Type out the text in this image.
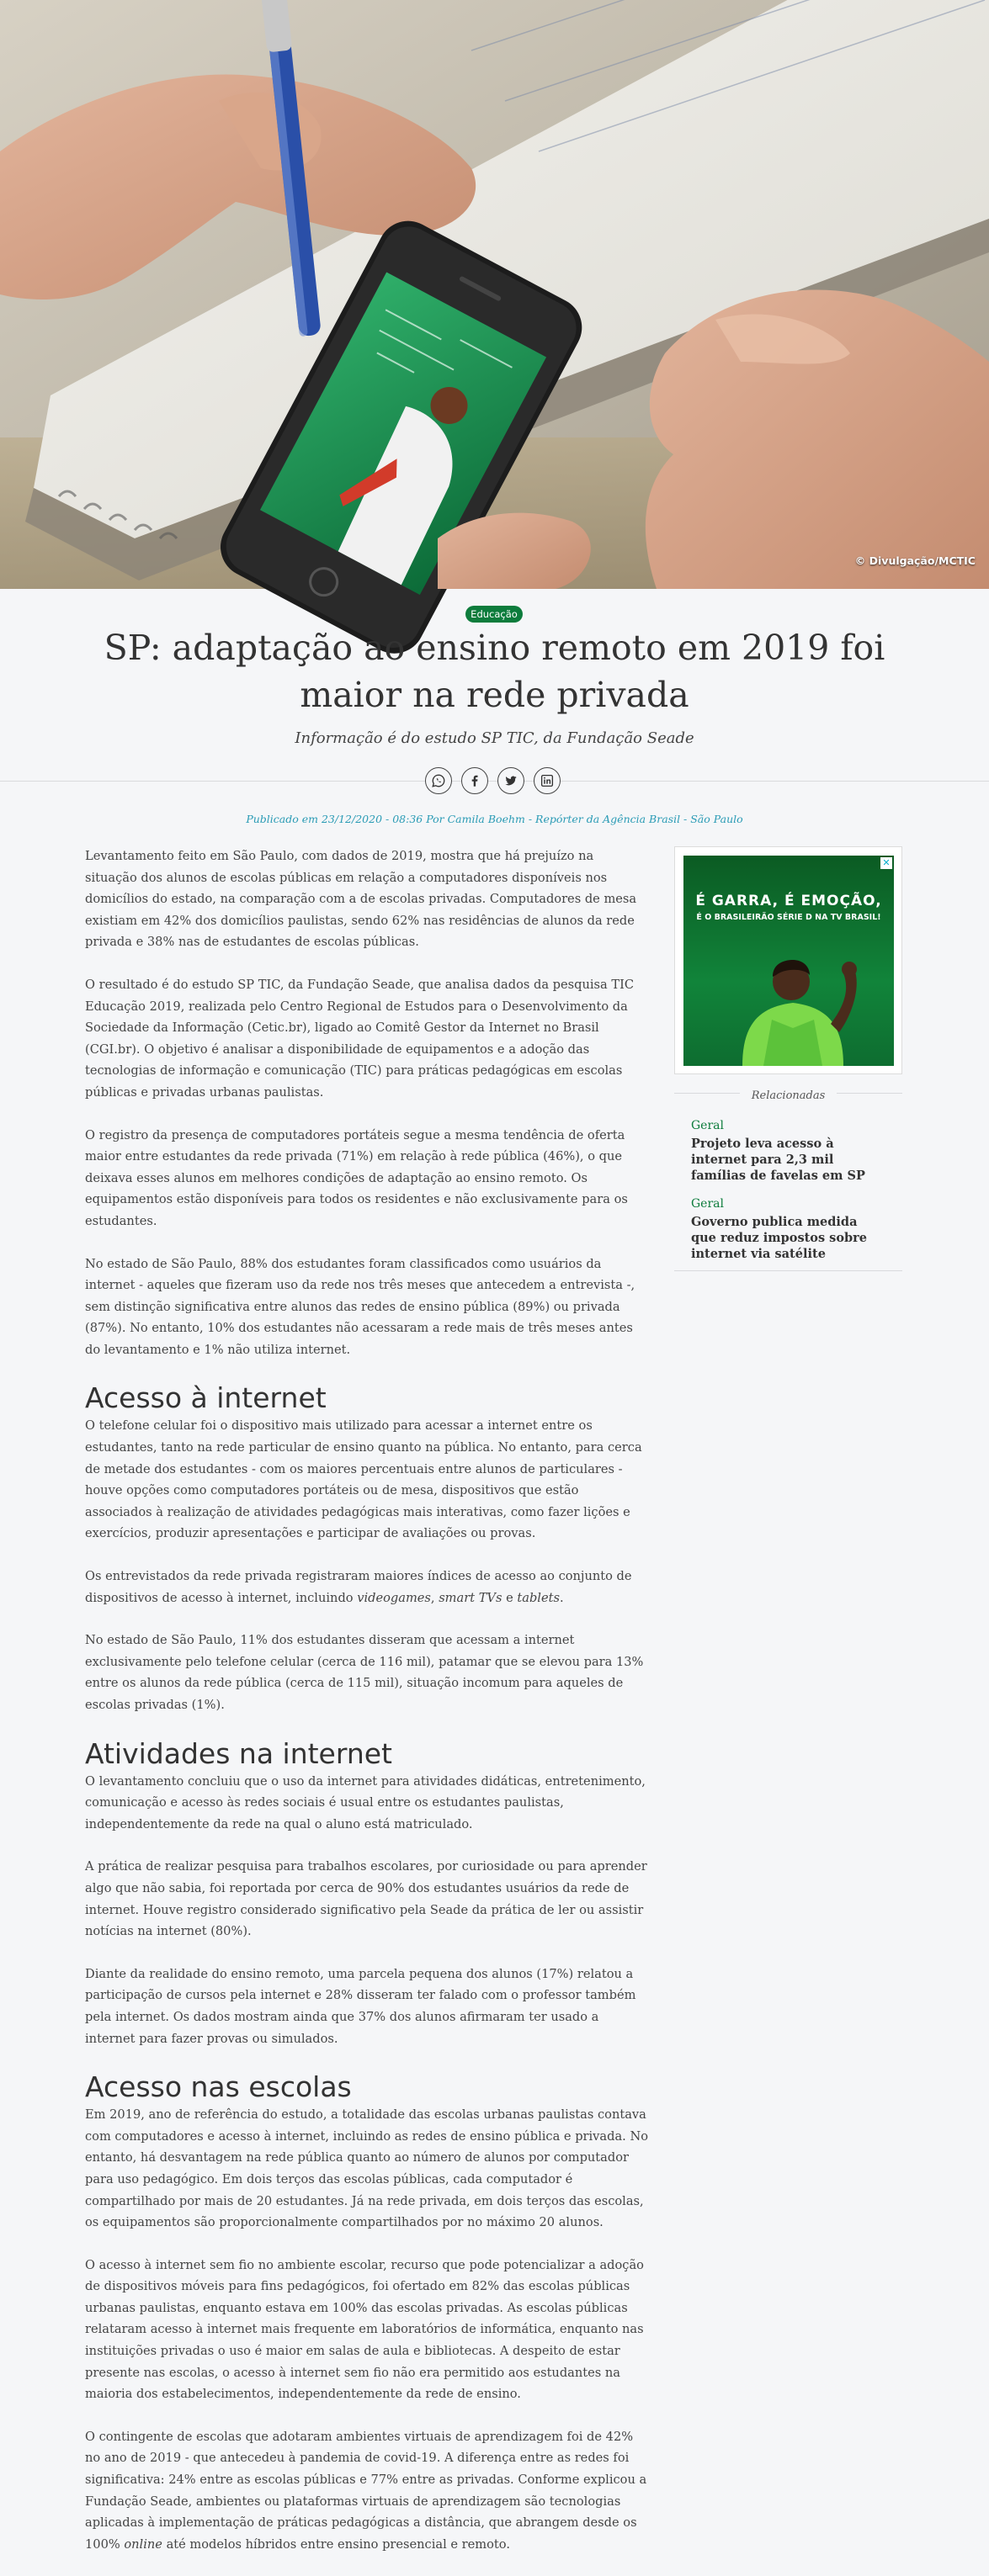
© Divulgação/MCTIC
Educação
SP: adaptação ao ensino remoto em 2019 foi maior na rede privada
Informação é do estudo SP TIC, da Fundação Seade
Publicado em 23/12/2020 - 08:36 Por Camila Boehm - Repórter da Agência Brasil - São Paulo

Levantamento feito em São Paulo, com dados de 2019, mostra que há prejuízo na situação dos alunos de escolas públicas em relação a computadores disponíveis nos domicílios do estado, na comparação com a de escolas privadas. Computadores de mesa existiam em 42% dos domicílios paulistas, sendo 62% nas residências de alunos da rede privada e 38% nas de estudantes de escolas públicas.

O resultado é do estudo SP TIC, da Fundação Seade, que analisa dados da pesquisa TIC Educação 2019, realizada pelo Centro Regional de Estudos para o Desenvolvimento da Sociedade da Informação (Cetic.br), ligado ao Comitê Gestor da Internet no Brasil (CGI.br). O objetivo é analisar a disponibilidade de equipamentos e a adoção das tecnologias de informação e comunicação (TIC) para práticas pedagógicas em escolas públicas e privadas urbanas paulistas.

O registro da presença de computadores portáteis segue a mesma tendência de oferta maior entre estudantes da rede privada (71%) em relação à rede pública (46%), o que deixava esses alunos em melhores condições de adaptação ao ensino remoto. Os equipamentos estão disponíveis para todos os residentes e não exclusivamente para os estudantes.

No estado de São Paulo, 88% dos estudantes foram classificados como usuários da internet - aqueles que fizeram uso da rede nos três meses que antecedem a entrevista -, sem distinção significativa entre alunos das redes de ensino pública (89%) ou privada (87%). No entanto, 10% dos estudantes não acessaram a rede mais de três meses antes do levantamento e 1% não utiliza internet.

Acesso à internet

O telefone celular foi o dispositivo mais utilizado para acessar a internet entre os estudantes, tanto na rede particular de ensino quanto na pública. No entanto, para cerca de metade dos estudantes - com os maiores percentuais entre alunos de particulares - houve opções como computadores portáteis ou de mesa, dispositivos que estão associados à realização de atividades pedagógicas mais interativas, como fazer lições e exercícios, produzir apresentações e participar de avaliações ou provas.

Os entrevistados da rede privada registraram maiores índices de acesso ao conjunto de dispositivos de acesso à internet, incluindo videogames, smart TVs e tablets.

No estado de São Paulo, 11% dos estudantes disseram que acessam a internet exclusivamente pelo telefone celular (cerca de 116 mil), patamar que se elevou para 13% entre os alunos da rede pública (cerca de 115 mil), situação incomum para aqueles de escolas privadas (1%).

Atividades na internet

O levantamento concluiu que o uso da internet para atividades didáticas, entretenimento, comunicação e acesso às redes sociais é usual entre os estudantes paulistas, independentemente da rede na qual o aluno está matriculado.

A prática de realizar pesquisa para trabalhos escolares, por curiosidade ou para aprender algo que não sabia, foi reportada por cerca de 90% dos estudantes usuários da rede de internet. Houve registro considerado significativo pela Seade da prática de ler ou assistir notícias na internet (80%).

Diante da realidade do ensino remoto, uma parcela pequena dos alunos (17%) relatou a participação de cursos pela internet e 28% disseram ter falado com o professor também pela internet. Os dados mostram ainda que 37% dos alunos afirmaram ter usado a internet para fazer provas ou simulados.

Acesso nas escolas

Em 2019, ano de referência do estudo, a totalidade das escolas urbanas paulistas contava com computadores e acesso à internet, incluindo as redes de ensino pública e privada. No entanto, há desvantagem na rede pública quanto ao número de alunos por computador para uso pedagógico. Em dois terços das escolas públicas, cada computador é compartilhado por mais de 20 estudantes. Já na rede privada, em dois terços das escolas, os equipamentos são proporcionalmente compartilhados por no máximo 20 alunos.

O acesso à internet sem fio no ambiente escolar, recurso que pode potencializar a adoção de dispositivos móveis para fins pedagógicos, foi ofertado em 82% das escolas públicas urbanas paulistas, enquanto estava em 100% das escolas privadas. As escolas públicas relataram acesso à internet mais frequente em laboratórios de informática, enquanto nas instituições privadas o uso é maior em salas de aula e bibliotecas. A despeito de estar presente nas escolas, o acesso à internet sem fio não era permitido aos estudantes na maioria dos estabelecimentos, independentemente da rede de ensino.

O contingente de escolas que adotaram ambientes virtuais de aprendizagem foi de 42% no ano de 2019 - que antecedeu à pandemia de covid-19. A diferença entre as redes foi significativa: 24% entre as escolas públicas e 77% entre as privadas. Conforme explicou a Fundação Seade, ambientes ou plataformas virtuais de aprendizagem são tecnologias aplicadas à implementação de práticas pedagógicas a distância, que abrangem desde os 100% online até modelos híbridos entre ensino presencial e remoto.

✕
É GARRA, É EMOÇÃO,
É O BRASILEIRÃO SÉRIE D NA TV BRASIL!
Relacionadas
Geral
Projeto leva acesso à internet para 2,3 mil famílias de favelas em SP
Geral
Governo publica medida que reduz impostos sobre internet via satélite
